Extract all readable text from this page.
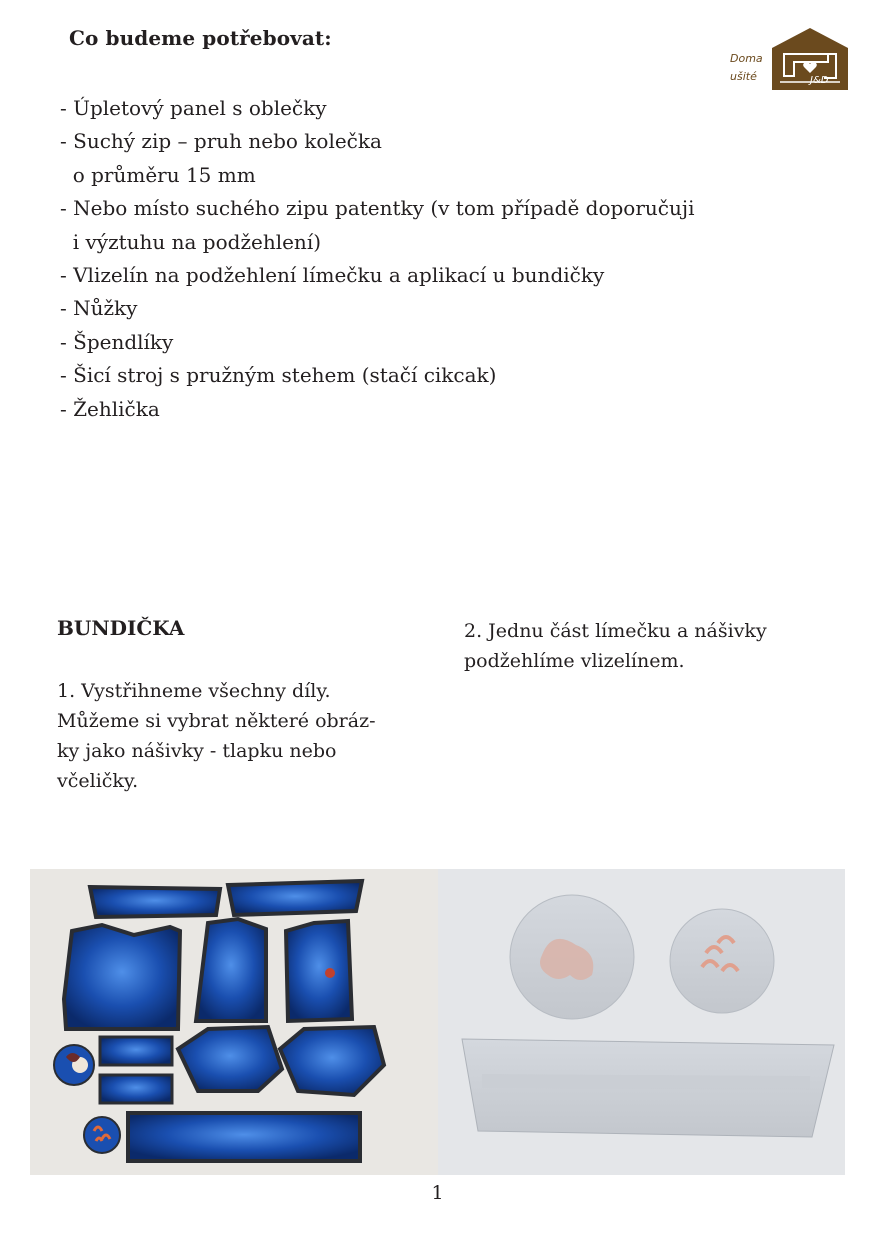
Co budeme potřebovat:
Doma
ušité	J&D
- Úpletový panel s oblečky
- Suchý zip – pruh nebo kolečka
o průměru 15 mm
- Nebo místo suchého zipu patentky (v tom případě doporučuji
i výztuhu na podžehlení)
- Vlizelín na podžehlení límečku a aplikací u bundičky
- Nůžky
- Špendlíky
- Šicí stroj s pružným stehem (stačí cikcak)
- Žehlička
BUNDIČKA
1. Vystřihneme všechny díly.
Můžeme si vybrat některé obráz-
ky jako nášivky - tlapku nebo
včeličky.
2. Jednu část límečku a nášivky
podžehlíme vlizelínem.
1
